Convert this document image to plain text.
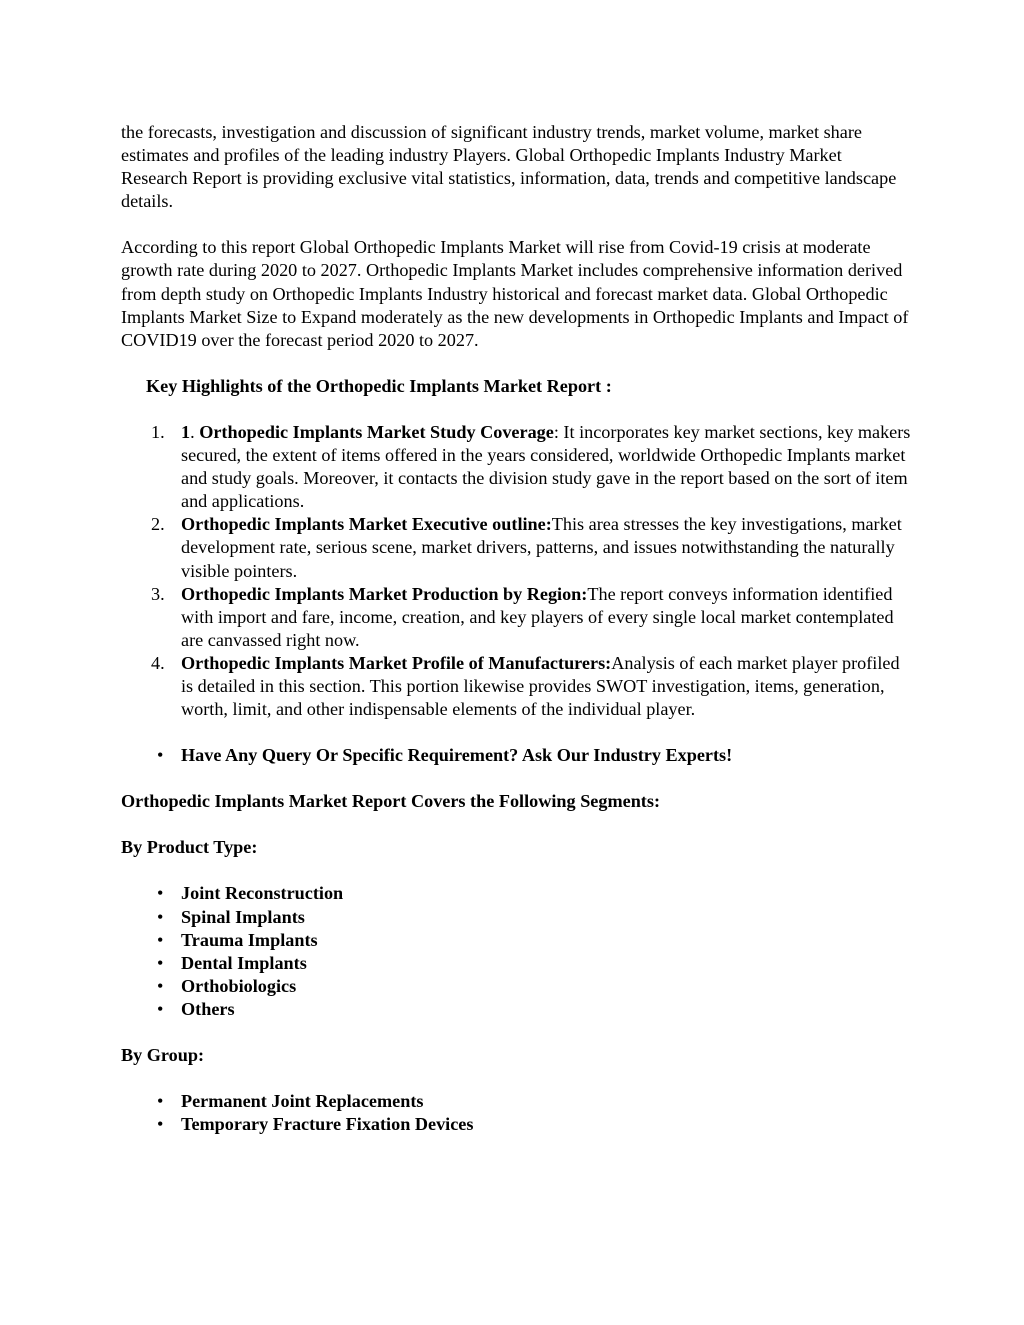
the forecasts, investigation and discussion of significant industry trends, market volume, market share estimates and profiles of the leading industry Players. Global Orthopedic Implants Industry Market Research Report is providing exclusive vital statistics, information, data, trends and competitive landscape details.

According to this report Global Orthopedic Implants Market will rise from Covid-19 crisis at moderate growth rate during 2020 to 2027. Orthopedic Implants Market includes comprehensive information derived from depth study on Orthopedic Implants Industry historical and forecast market data. Global Orthopedic Implants Market Size to Expand moderately as the new developments in Orthopedic Implants and Impact of COVID19 over the forecast period 2020 to 2027.

Key Highlights of the Orthopedic Implants Market Report :

1. 1. Orthopedic Implants Market Study Coverage: It incorporates key market sections, key makers secured, the extent of items offered in the years considered, worldwide Orthopedic Implants market and study goals. Moreover, it contacts the division study gave in the report based on the sort of item and applications.
2. Orthopedic Implants Market Executive outline:This area stresses the key investigations, market development rate, serious scene, market drivers, patterns, and issues notwithstanding the naturally visible pointers.
3. Orthopedic Implants Market Production by Region:The report conveys information identified with import and fare, income, creation, and key players of every single local market contemplated are canvassed right now.
4. Orthopedic Implants Market Profile of Manufacturers:Analysis of each market player profiled is detailed in this section. This portion likewise provides SWOT investigation, items, generation, worth, limit, and other indispensable elements of the individual player.
• Have Any Query Or Specific Requirement? Ask Our Industry Experts!

Orthopedic Implants Market Report Covers the Following Segments:

By Product Type:

• Joint Reconstruction
• Spinal Implants
• Trauma Implants
• Dental Implants
• Orthobiologics
• Others

By Group:

• Permanent Joint Replacements
• Temporary Fracture Fixation Devices
